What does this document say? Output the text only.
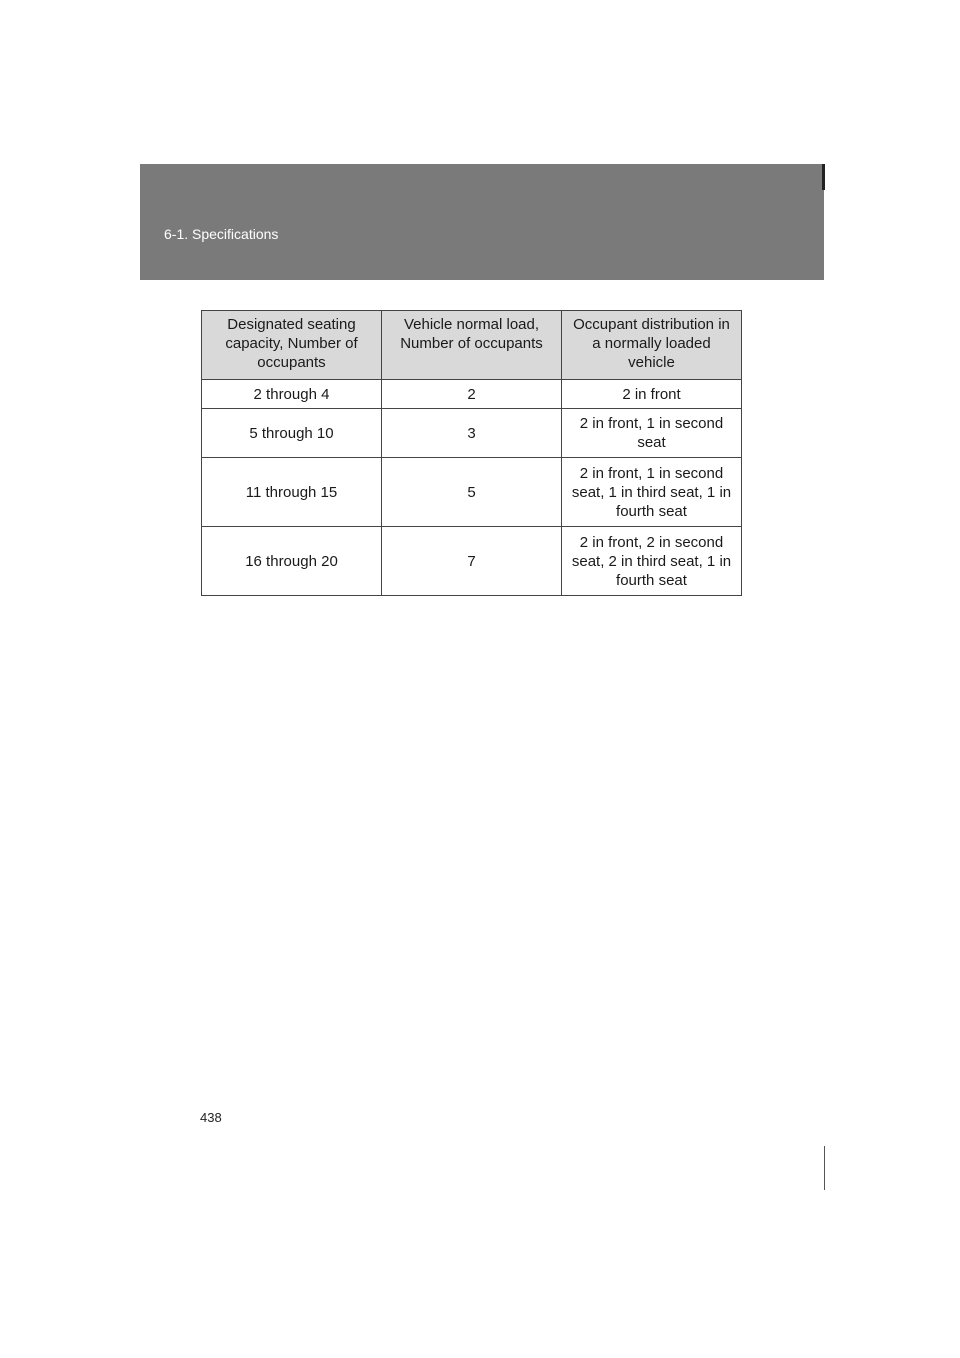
6-1. Specifications
Designated seating capacity, Number of occupants	Vehicle normal load, Number of occupants	Occupant distribution in a normally loaded vehicle
2 through 4	2	2 in front
5 through 10	3	2 in front, 1 in second seat
11 through 15	5	2 in front, 1 in second seat, 1 in third seat, 1 in fourth seat
16 through 20	7	2 in front, 2 in second seat, 2 in third seat, 1 in fourth seat
438
